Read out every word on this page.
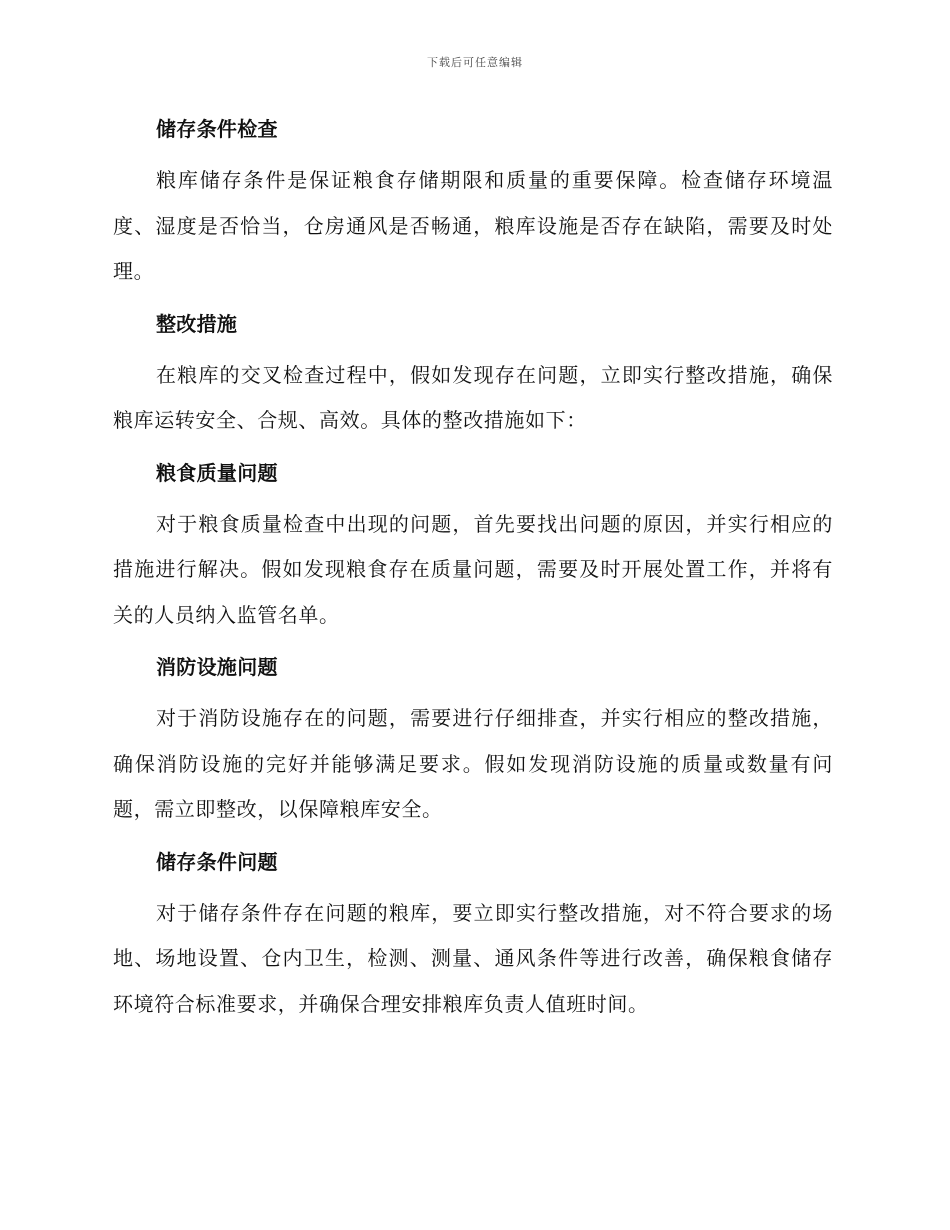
下载后可任意编辑
储存条件检查

粮库储存条件是保证粮食存储期限和质量的重要保障。检查储存环境温度、湿度是否恰当，仓房通风是否畅通，粮库设施是否存在缺陷，需要及时处理。

整改措施

在粮库的交叉检查过程中，假如发现存在问题，立即实行整改措施，确保粮库运转安全、合规、高效。具体的整改措施如下：

粮食质量问题

对于粮食质量检查中出现的问题，首先要找出问题的原因，并实行相应的措施进行解决。假如发现粮食存在质量问题，需要及时开展处置工作，并将有关的人员纳入监管名单。

消防设施问题

对于消防设施存在的问题，需要进行仔细排查，并实行相应的整改措施，确保消防设施的完好并能够满足要求。假如发现消防设施的质量或数量有问题，需立即整改，以保障粮库安全。

储存条件问题

对于储存条件存在问题的粮库，要立即实行整改措施，对不符合要求的场地、场地设置、仓内卫生，检测、测量、通风条件等进行改善，确保粮食储存环境符合标准要求，并确保合理安排粮库负责人值班时间。
